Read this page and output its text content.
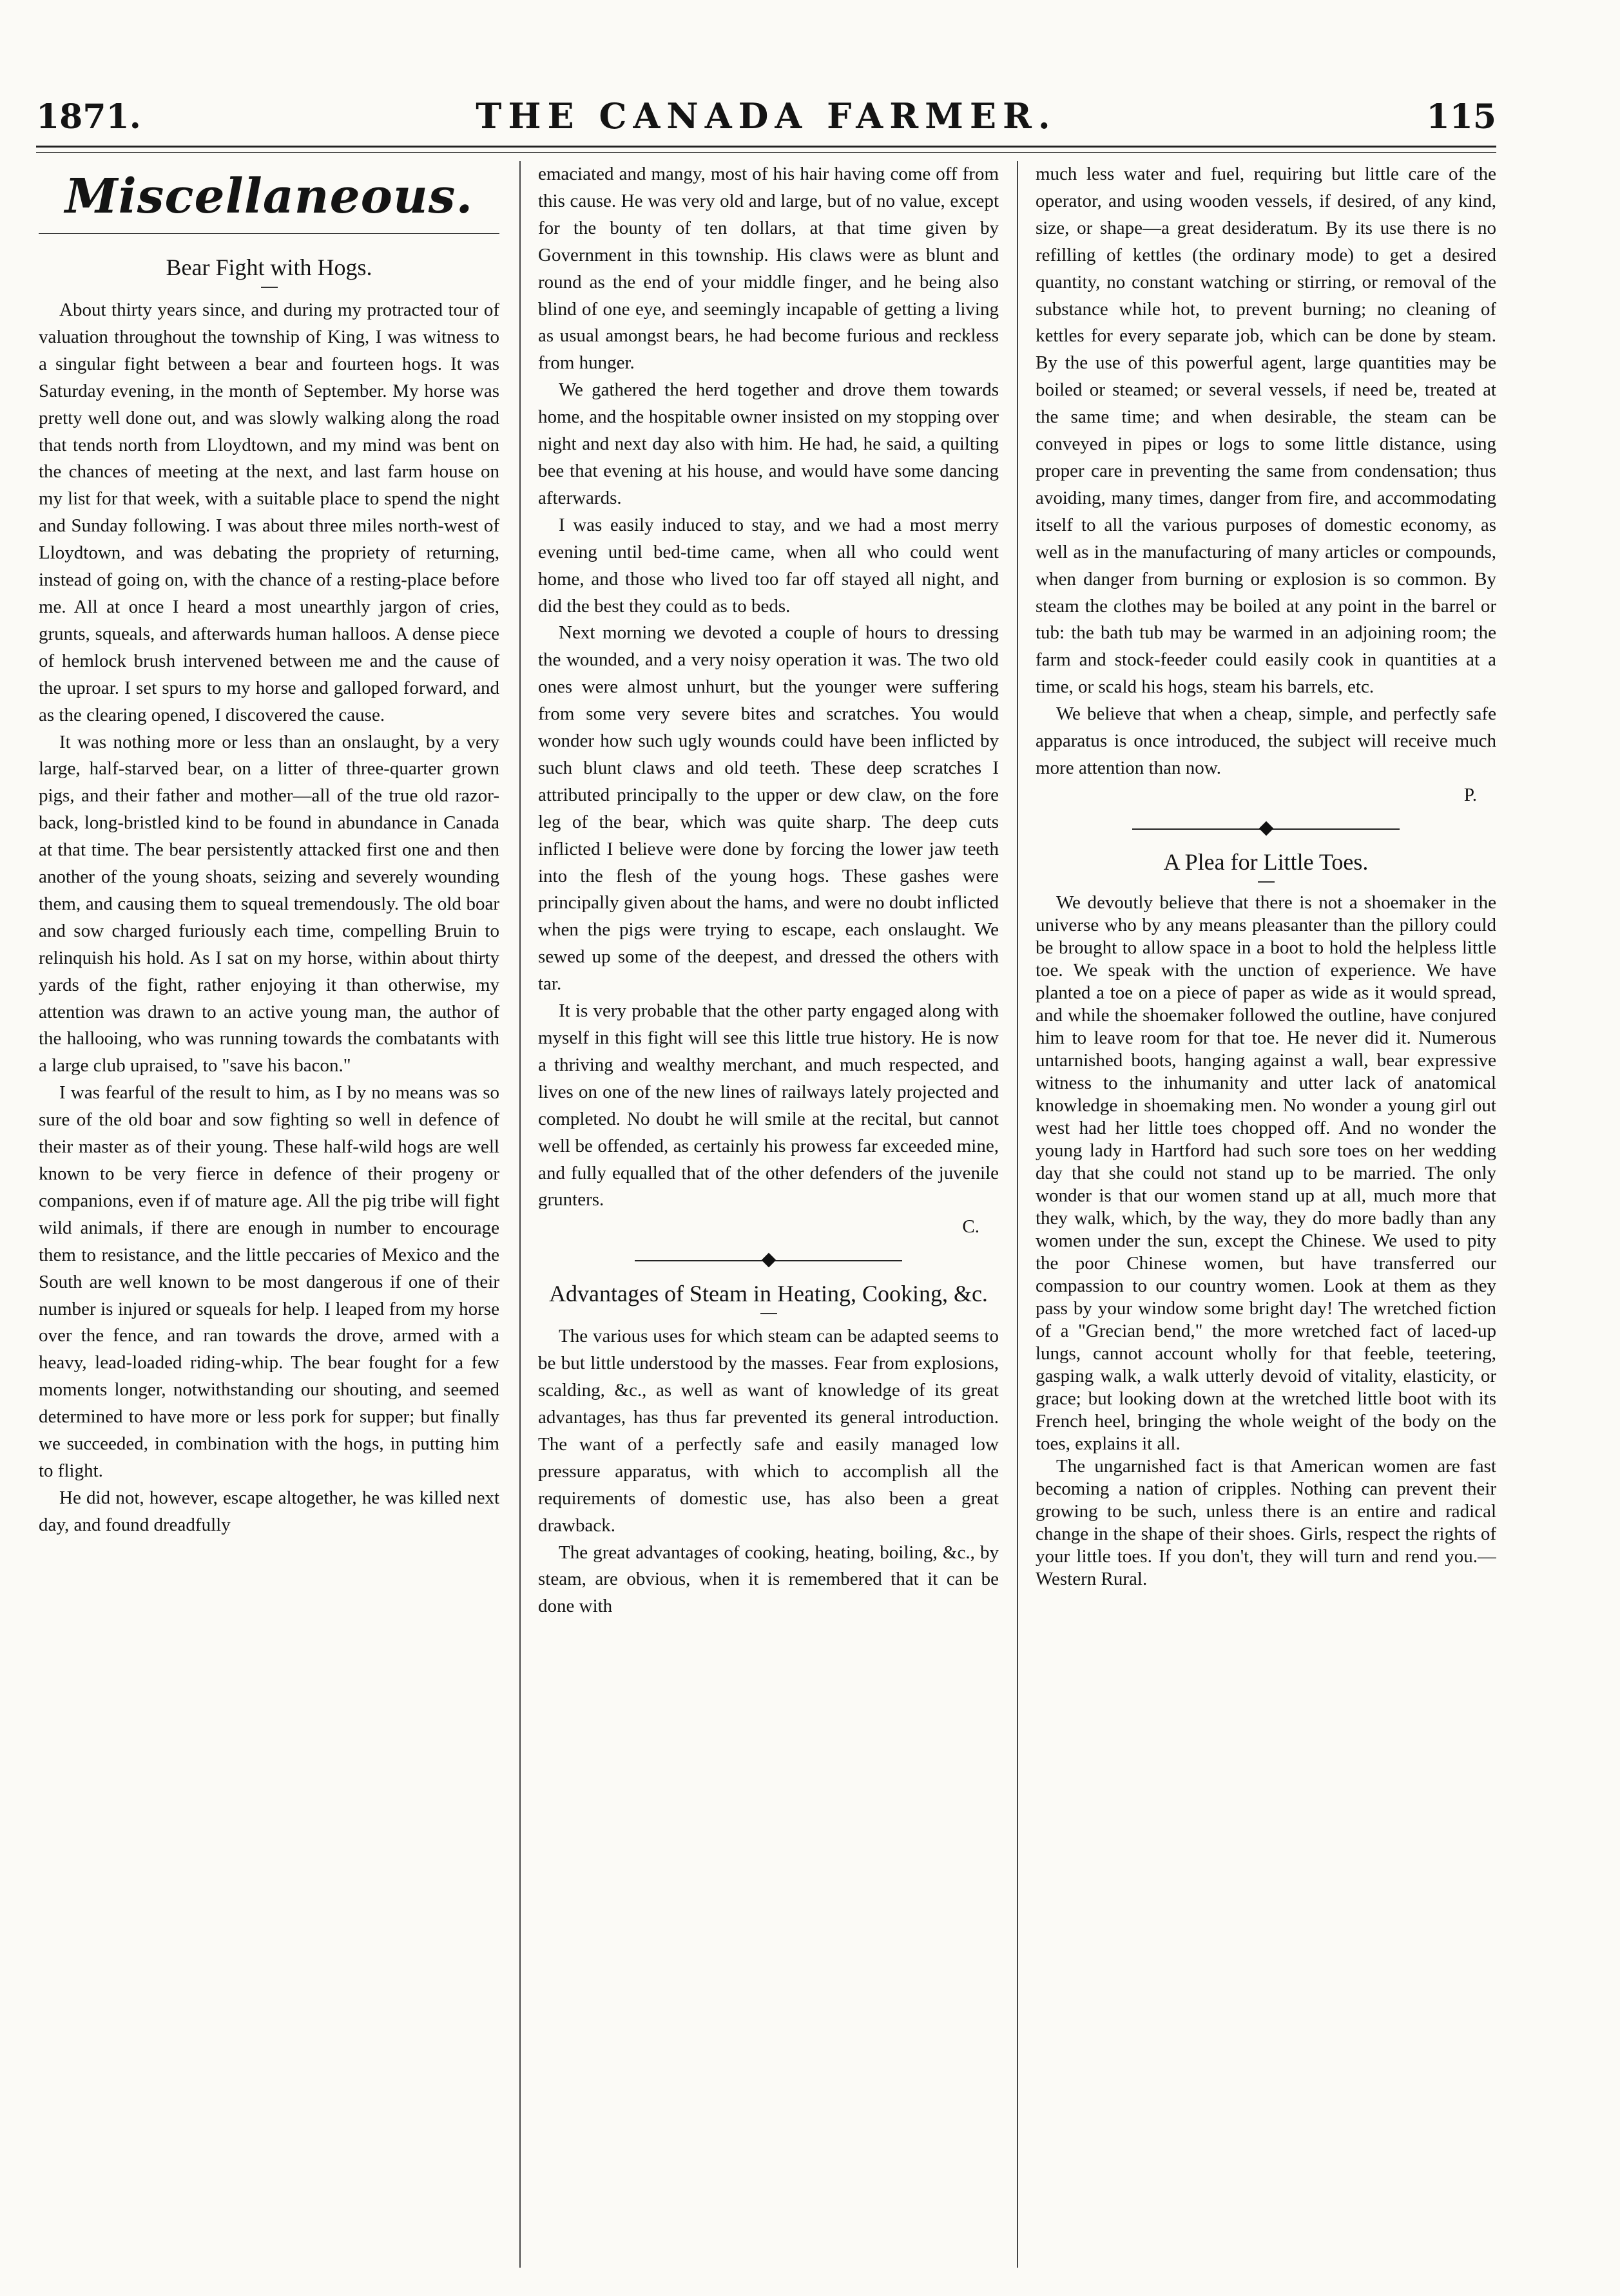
1871.	THE CANADA FARMER.	115
Miscellaneous.
Bear Fight with Hogs.

About thirty years since, and during my protracted tour of valuation throughout the township of King, I was witness to a singular fight between a bear and fourteen hogs. It was Saturday evening, in the month of September. My horse was pretty well done out, and was slowly walking along the road that tends north from Lloydtown, and my mind was bent on the chances of meeting at the next, and last farm house on my list for that week, with a suitable place to spend the night and Sunday following. I was about three miles north-west of Lloydtown, and was debating the propriety of returning, instead of going on, with the chance of a resting-place before me. All at once I heard a most unearthly jargon of cries, grunts, squeals, and afterwards human halloos. A dense piece of hemlock brush intervened between me and the cause of the uproar. I set spurs to my horse and galloped forward, and as the clearing opened, I discovered the cause.

It was nothing more or less than an onslaught, by a very large, half-starved bear, on a litter of three-quarter grown pigs, and their father and mother—all of the true old razor-back, long-bristled kind to be found in abundance in Canada at that time. The bear persistently attacked first one and then another of the young shoats, seizing and severely wounding them, and causing them to squeal tremendously. The old boar and sow charged furiously each time, compelling Bruin to relinquish his hold. As I sat on my horse, within about thirty yards of the fight, rather enjoying it than otherwise, my attention was drawn to an active young man, the author of the hallooing, who was running towards the combatants with a large club upraised, to "save his bacon."

I was fearful of the result to him, as I by no means was so sure of the old boar and sow fighting so well in defence of their master as of their young. These half-wild hogs are well known to be very fierce in defence of their progeny or companions, even if of mature age. All the pig tribe will fight wild animals, if there are enough in number to encourage them to resistance, and the little peccaries of Mexico and the South are well known to be most dangerous if one of their number is injured or squeals for help. I leaped from my horse over the fence, and ran towards the drove, armed with a heavy, lead-loaded riding-whip. The bear fought for a few moments longer, notwithstanding our shouting, and seemed determined to have more or less pork for supper; but finally we succeeded, in combination with the hogs, in putting him to flight.

He did not, however, escape altogether, he was killed next day, and found dreadfully

emaciated and mangy, most of his hair having come off from this cause. He was very old and large, but of no value, except for the bounty of ten dollars, at that time given by Government in this township. His claws were as blunt and round as the end of your middle finger, and he being also blind of one eye, and seemingly incapable of getting a living as usual amongst bears, he had become furious and reckless from hunger.

We gathered the herd together and drove them towards home, and the hospitable owner insisted on my stopping over night and next day also with him. He had, he said, a quilting bee that evening at his house, and would have some dancing afterwards.

I was easily induced to stay, and we had a most merry evening until bed-time came, when all who could went home, and those who lived too far off stayed all night, and did the best they could as to beds.

Next morning we devoted a couple of hours to dressing the wounded, and a very noisy operation it was. The two old ones were almost unhurt, but the younger were suffering from some very severe bites and scratches. You would wonder how such ugly wounds could have been inflicted by such blunt claws and old teeth. These deep scratches I attributed principally to the upper or dew claw, on the fore leg of the bear, which was quite sharp. The deep cuts inflicted I believe were done by forcing the lower jaw teeth into the flesh of the young hogs. These gashes were principally given about the hams, and were no doubt inflicted when the pigs were trying to escape, each onslaught. We sewed up some of the deepest, and dressed the others with tar.

It is very probable that the other party engaged along with myself in this fight will see this little true history. He is now a thriving and wealthy merchant, and much respected, and lives on one of the new lines of railways lately projected and completed. No doubt he will smile at the recital, but cannot well be offended, as certainly his prowess far exceeded mine, and fully equalled that of the other defenders of the juvenile grunters.

C.
Advantages of Steam in Heating, Cooking, &c.

The various uses for which steam can be adapted seems to be but little understood by the masses. Fear from explosions, scalding, &c., as well as want of knowledge of its great advantages, has thus far prevented its general introduction. The want of a perfectly safe and easily managed low pressure apparatus, with which to accomplish all the requirements of domestic use, has also been a great drawback.

The great advantages of cooking, heating, boiling, &c., by steam, are obvious, when it is remembered that it can be done with

much less water and fuel, requiring but little care of the operator, and using wooden vessels, if desired, of any kind, size, or shape—a great desideratum. By its use there is no refilling of kettles (the ordinary mode) to get a desired quantity, no constant watching or stirring, or removal of the substance while hot, to prevent burning; no cleaning of kettles for every separate job, which can be done by steam. By the use of this powerful agent, large quantities may be boiled or steamed; or several vessels, if need be, treated at the same time; and when desirable, the steam can be conveyed in pipes or logs to some little distance, using proper care in preventing the same from condensation; thus avoiding, many times, danger from fire, and accommodating itself to all the various purposes of domestic economy, as well as in the manufacturing of many articles or compounds, when danger from burning or explosion is so common. By steam the clothes may be boiled at any point in the barrel or tub: the bath tub may be warmed in an adjoining room; the farm and stock-feeder could easily cook in quantities at a time, or scald his hogs, steam his barrels, etc.

We believe that when a cheap, simple, and perfectly safe apparatus is once introduced, the subject will receive much more attention than now.

P.
A Plea for Little Toes.

We devoutly believe that there is not a shoemaker in the universe who by any means pleasanter than the pillory could be brought to allow space in a boot to hold the helpless little toe. We speak with the unction of experience. We have planted a toe on a piece of paper as wide as it would spread, and while the shoemaker followed the outline, have conjured him to leave room for that toe. He never did it. Numerous untarnished boots, hanging against a wall, bear expressive witness to the inhumanity and utter lack of anatomical knowledge in shoemaking men. No wonder a young girl out west had her little toes chopped off. And no wonder the young lady in Hartford had such sore toes on her wedding day that she could not stand up to be married. The only wonder is that our women stand up at all, much more that they walk, which, by the way, they do more badly than any women under the sun, except the Chinese. We used to pity the poor Chinese women, but have transferred our compassion to our country women. Look at them as they pass by your window some bright day! The wretched fiction of a "Grecian bend," the more wretched fact of laced-up lungs, cannot account wholly for that feeble, teetering, gasping walk, a walk utterly devoid of vitality, elasticity, or grace; but looking down at the wretched little boot with its French heel, bringing the whole weight of the body on the toes, explains it all.

The ungarnished fact is that American women are fast becoming a nation of cripples. Nothing can prevent their growing to be such, unless there is an entire and radical change in the shape of their shoes. Girls, respect the rights of your little toes. If you don't, they will turn and rend you.—Western Rural.
